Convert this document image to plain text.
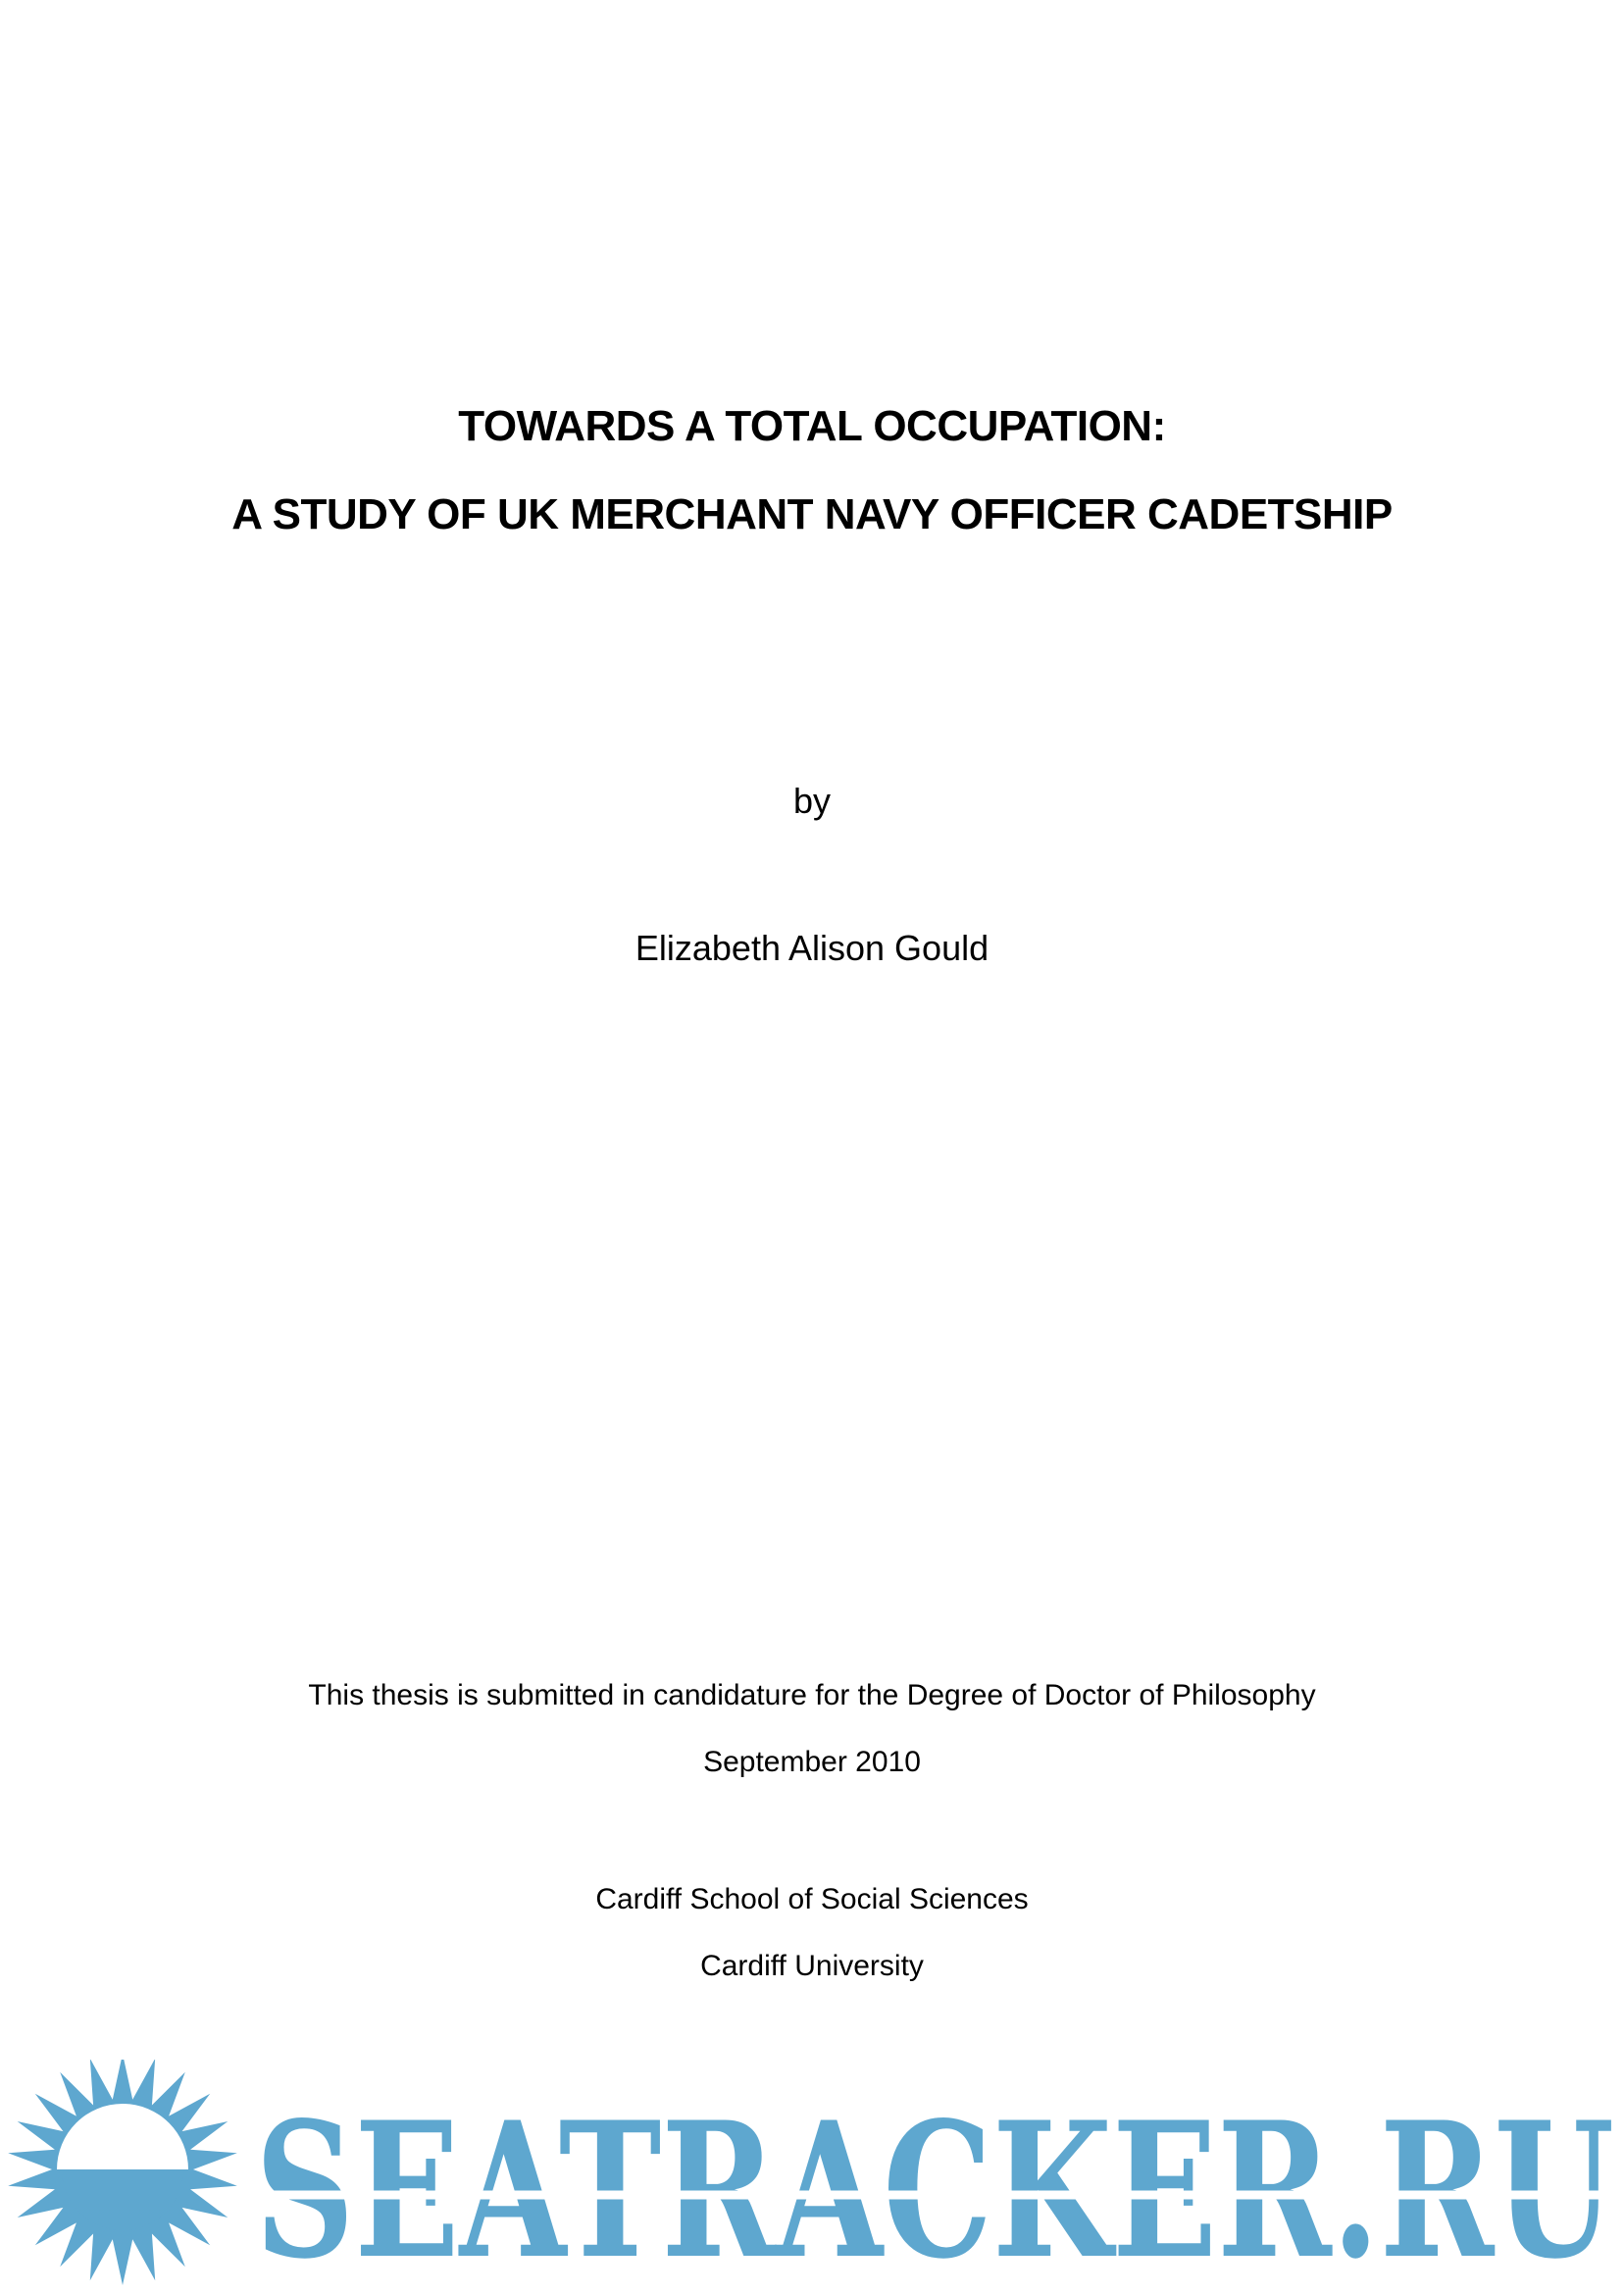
TOWARDS A TOTAL OCCUPATION:
A STUDY OF UK MERCHANT NAVY OFFICER CADETSHIP
by
Elizabeth Alison Gould
This thesis is submitted in candidature for the Degree of Doctor of Philosophy
September 2010
Cardiff School of Social Sciences
Cardiff University
SEATRACKER.RU
